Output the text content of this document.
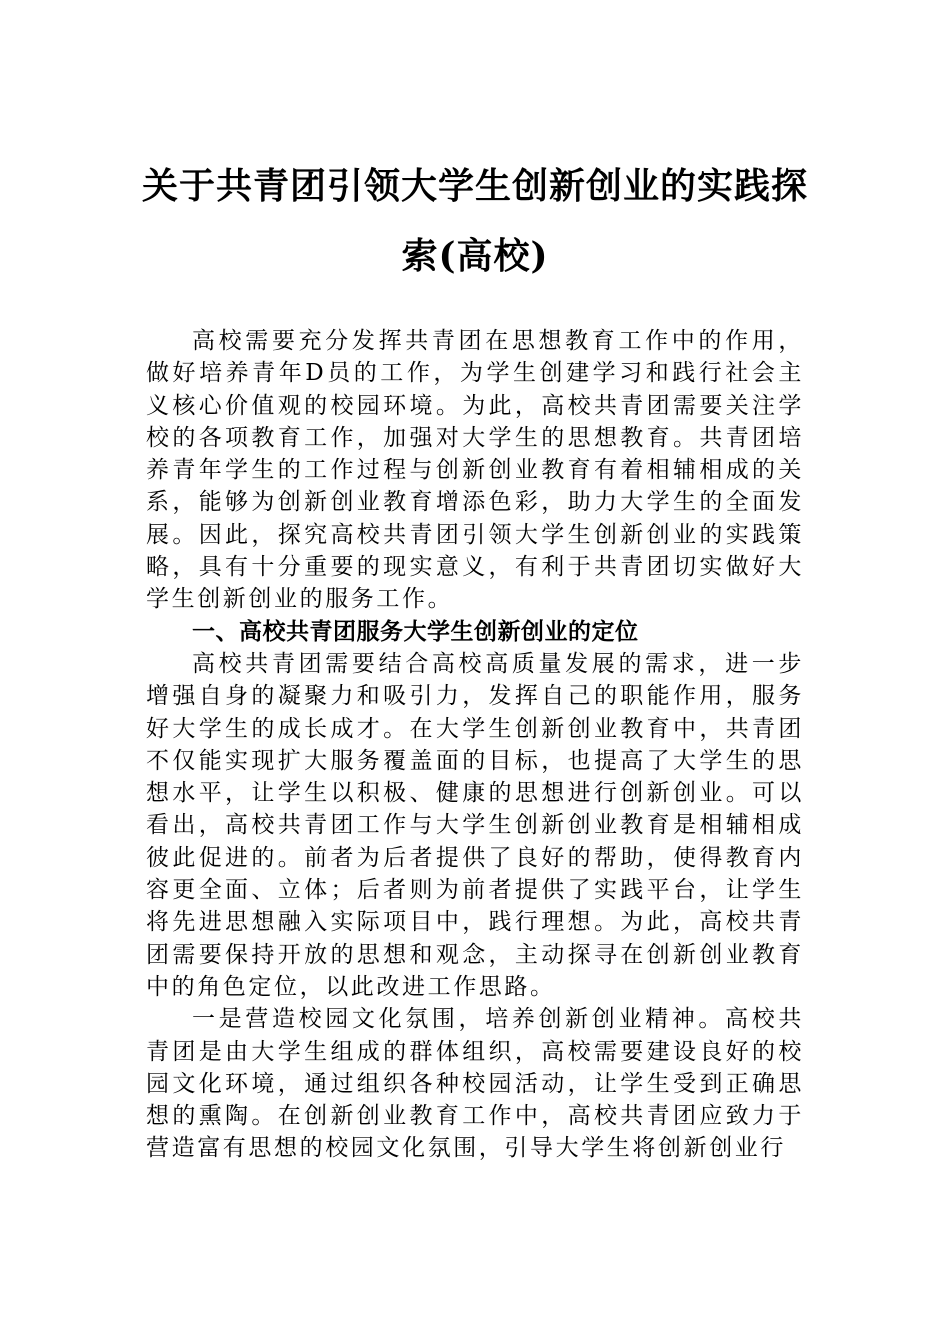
关于共青团引领大学生创新创业的实践探
索(高校)

高校需要充分发挥共青团在思想教育工作中的作用，做好培养青年D员的工作，为学生创建学习和践行社会主义核心价值观的校园环境。为此，高校共青团需要关注学校的各项教育工作，加强对大学生的思想教育。共青团培养青年学生的工作过程与创新创业教育有着相辅相成的关系，能够为创新创业教育增添色彩，助力大学生的全面发展。因此，探究高校共青团引领大学生创新创业的实践策略，具有十分重要的现实意义，有利于共青团切实做好大学生创新创业的服务工作。

一、高校共青团服务大学生创新创业的定位

高校共青团需要结合高校高质量发展的需求，进一步增强自身的凝聚力和吸引力，发挥自己的职能作用，服务好大学生的成长成才。在大学生创新创业教育中，共青团不仅能实现扩大服务覆盖面的目标，也提高了大学生的思想水平，让学生以积极、健康的思想进行创新创业。可以看出，高校共青团工作与大学生创新创业教育是相辅相成彼此促进的。前者为后者提供了良好的帮助，使得教育内容更全面、立体；后者则为前者提供了实践平台，让学生将先进思想融入实际项目中，践行理想。为此，高校共青团需要保持开放的思想和观念，主动探寻在创新创业教育中的角色定位，以此改进工作思路。

一是营造校园文化氛围，培养创新创业精神。高校共青团是由大学生组成的群体组织，高校需要建设良好的校园文化环境，通过组织各种校园活动，让学生受到正确思想的熏陶。在创新创业教育工作中，高校共青团应致力于营造富有思想的校园文化氛围，引导大学生将创新创业行
